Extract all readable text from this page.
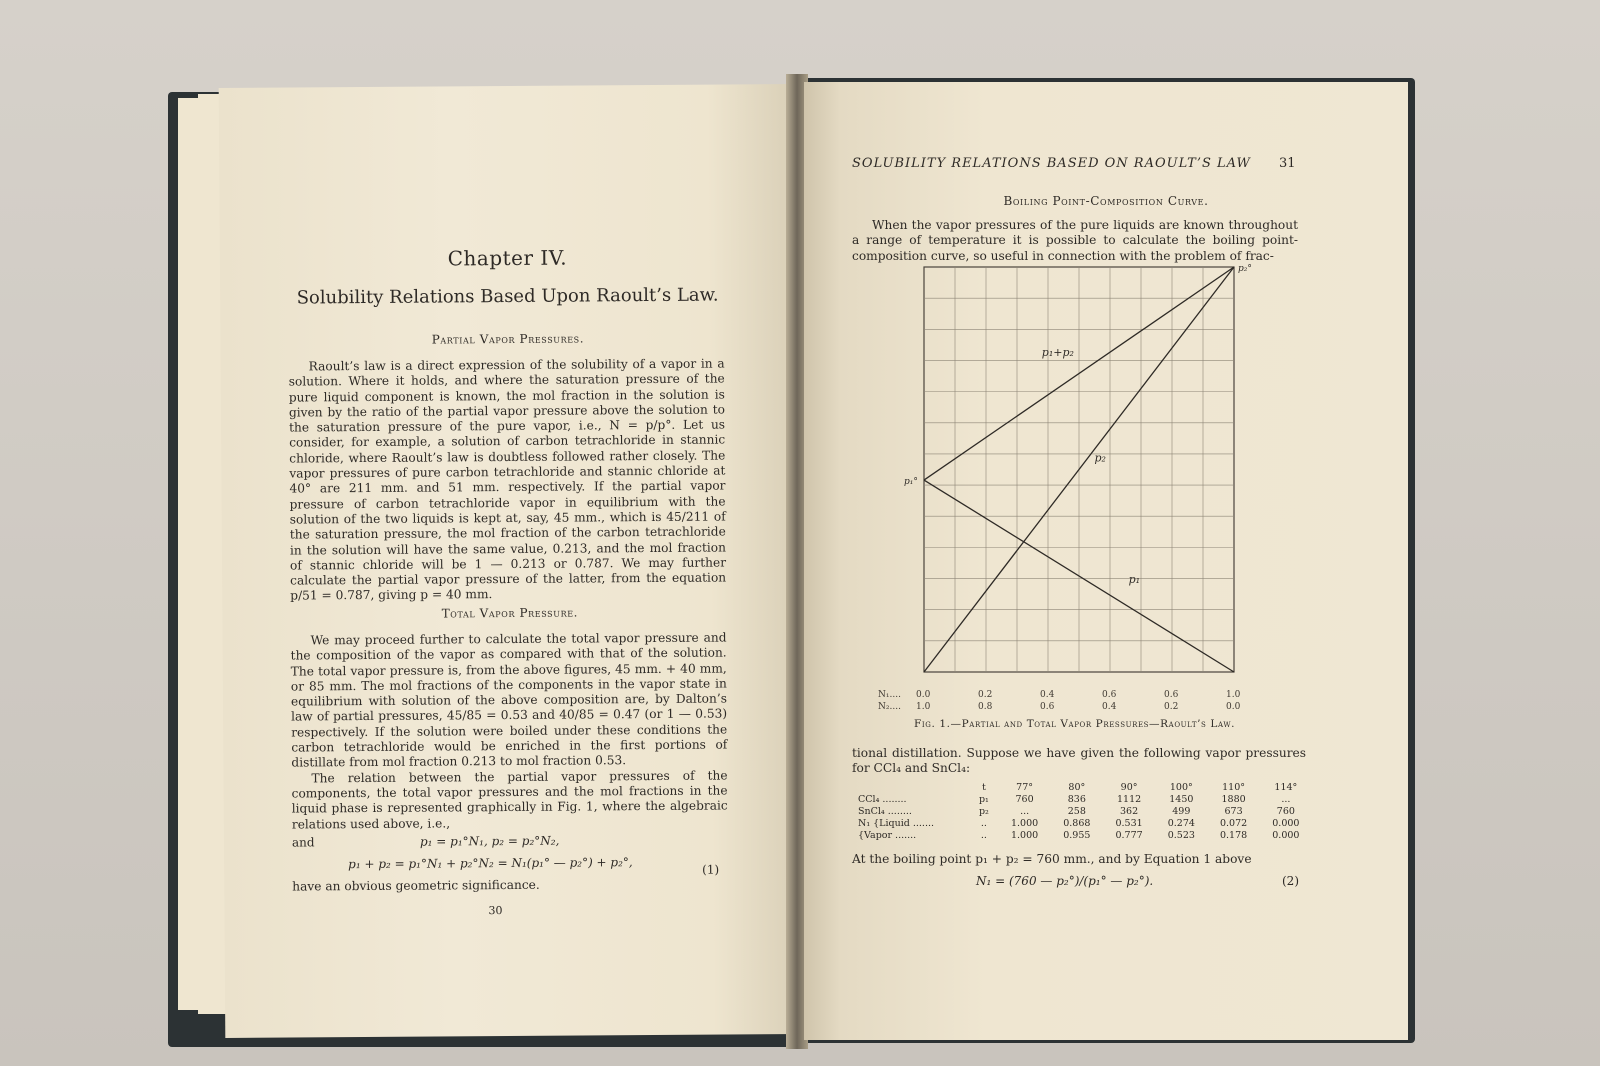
Chapter IV.
Solubility Relations Based Upon Raoult’s Law.
Partial Vapor Pressures.

Raoult’s law is a direct expression of the solubility of a vapor in a solution. Where it holds, and where the saturation pressure of the pure liquid component is known, the mol fraction in the solution is given by the ratio of the partial vapor pressure above the solution to the saturation pressure of the pure vapor, i.e., N = p/p°. Let us consider, for example, a solution of carbon tetrachloride in stannic chloride, where Raoult’s law is doubtless followed rather closely. The vapor pressures of pure carbon tetrachloride and stannic chloride at 40° are 211 mm. and 51 mm. respectively. If the partial vapor pressure of carbon tetrachloride vapor in equilibrium with the solution of the two liquids is kept at, say, 45 mm., which is 45/211 of the saturation pressure, the mol fraction of the carbon tetrachloride in the solution will have the same value, 0.213, and the mol fraction of stannic chloride will be 1 — 0.213 or 0.787. We may further calculate the partial vapor pressure of the latter, from the equation p/51 = 0.787, giving p = 40 mm.

Total Vapor Pressure.

We may proceed further to calculate the total vapor pressure and the composition of the vapor as compared with that of the solution. The total vapor pressure is, from the above figures, 45 mm. + 40 mm, or 85 mm. The mol fractions of the components in the vapor state in equilibrium with solution of the above composition are, by Dalton’s law of partial pressures, 45/85 = 0.53 and 40/85 = 0.47 (or 1 — 0.53) respectively. If the solution were boiled under these conditions the carbon tetrachloride would be enriched in the first portions of distillate from mol fraction 0.213 to mol fraction 0.53.

The relation between the partial vapor pressures of the components, the total vapor pressures and the mol fractions in the liquid phase is represented graphically in Fig. 1, where the algebraic relations used above, i.e.,

and	p₁ = p₁°N₁, p₂ = p₂°N₂,
p₁ + p₂ = p₁°N₁ + p₂°N₂ = N₁(p₁° — p₂°) + p₂°,	(1)
have an obvious geometric significance.
30
SOLUBILITY RELATIONS BASED ON RAOULT’S LAW	31
Boiling Point-Composition Curve.

When the vapor pressures of the pure liquids are known throughout a range of temperature it is possible to calculate the boiling point-composition curve, so useful in connection with the problem of frac-

p₁+p₂
p₂
p₁
p₂°
p₁°
N₁....
N₂....
0.0	0.2	0.4	0.6	0.6	1.0
1.0	0.8	0.6	0.4	0.2	0.0
Fig. 1.—Partial and Total Vapor Pressures—Raoult’s Law.
tional distillation. Suppose we have given the following vapor pressures for CCl₄ and SnCl₄:
	t	77°	80°	90°	100°	110°	114°
CCl₄ ........	p₁	760	836	1112	1450	1880	...
SnCl₄ ........	p₂	...	258	362	499	673	760
N₁ {Liquid .......	..	1.000	0.868	0.531	0.274	0.072	0.000
{Vapor .......	..	1.000	0.955	0.777	0.523	0.178	0.000
At the boiling point p₁ + p₂ = 760 mm., and by Equation 1 above
N₁ = (760 — p₂°)/(p₁° — p₂°).	(2)
